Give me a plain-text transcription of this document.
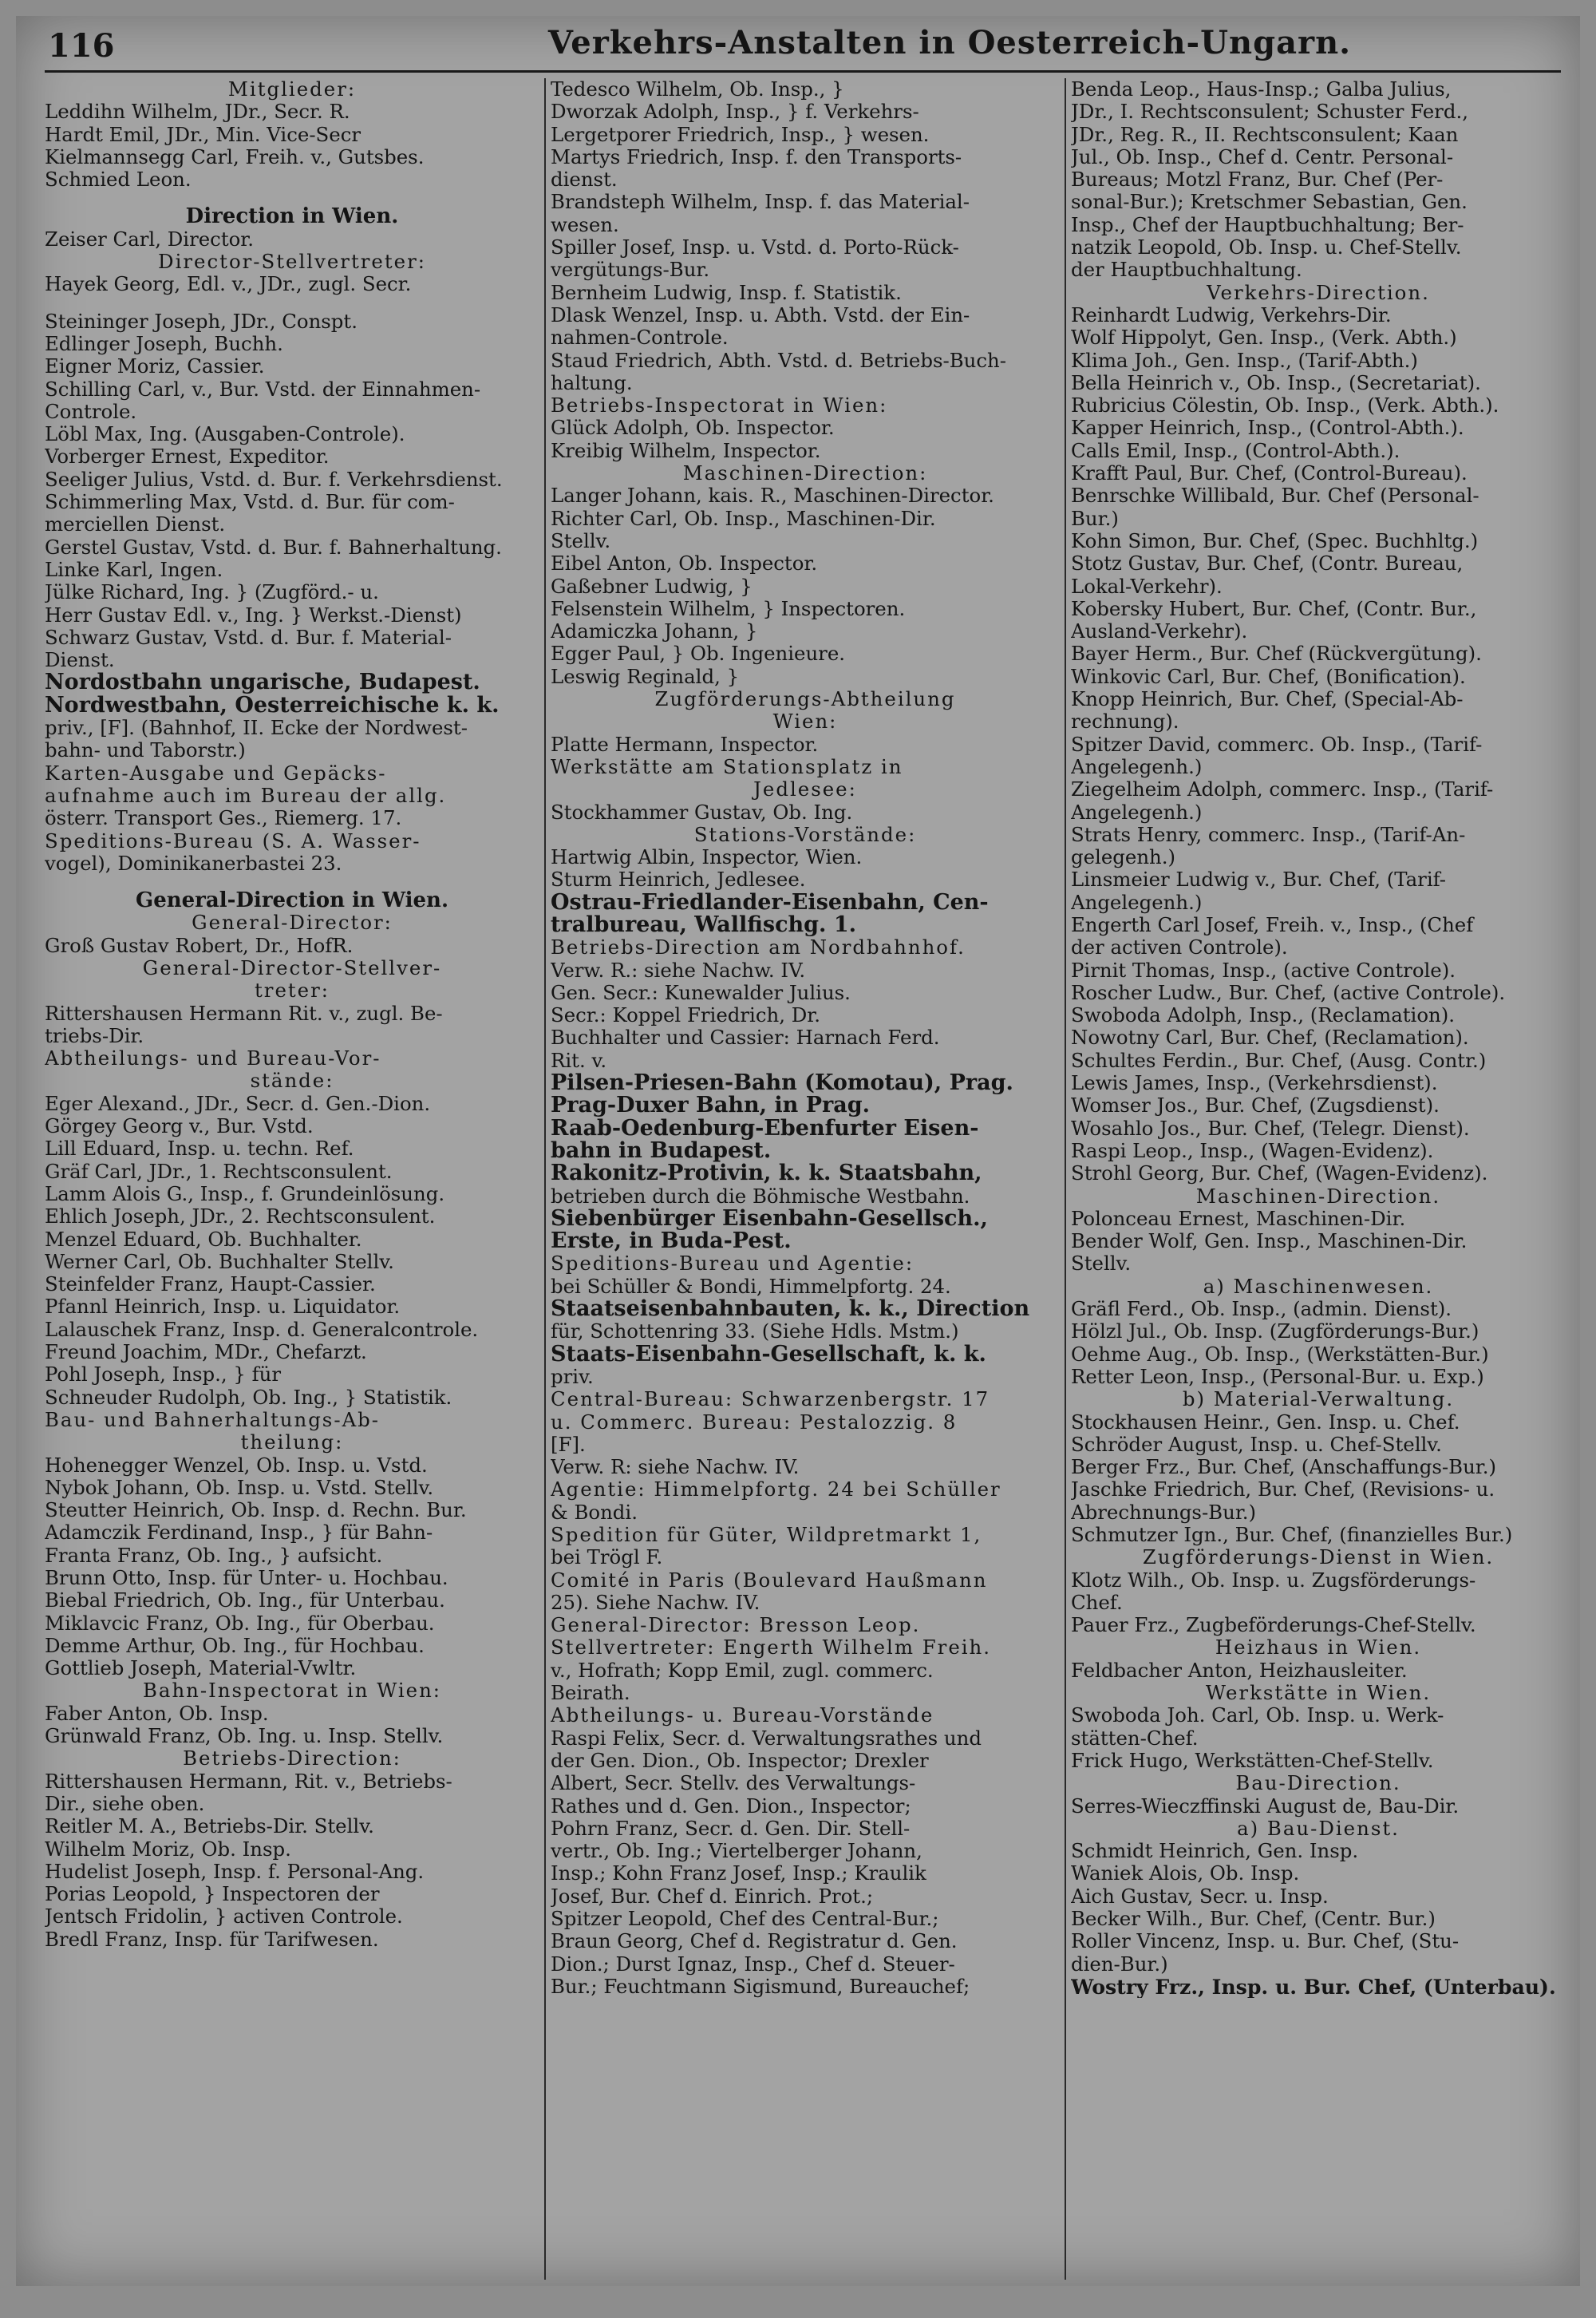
116	Verkehrs-Anstalten in Oesterreich-Ungarn.
Mitglieder:
Leddihn Wilhelm, JDr., Secr. R.
Hardt Emil, JDr., Min. Vice-Secr
Kielmannsegg Carl, Freih. v., Gutsbes.
Schmied Leon.
Direction in Wien.
Zeiser Carl, Director.
Director-Stellvertreter:
Hayek Georg, Edl. v., JDr., zugl. Secr.
Steininger Joseph, JDr., Conspt.
Edlinger Joseph, Buchh.
Eigner Moriz, Cassier.
Schilling Carl, v., Bur. Vstd. der Einnahmen-
Controle.
Löbl Max, Ing. (Ausgaben-Controle).
Vorberger Ernest, Expeditor.
Seeliger Julius, Vstd. d. Bur. f. Verkehrsdienst.
Schimmerling Max, Vstd. d. Bur. für com-
merciellen Dienst.
Gerstel Gustav, Vstd. d. Bur. f. Bahnerhaltung.
Linke Karl, Ingen.
Jülke Richard, Ing. } (Zugförd.- u.
Herr Gustav Edl. v., Ing. } Werkst.-Dienst)
Schwarz Gustav, Vstd. d. Bur. f. Material-
Dienst.
Nordostbahn ungarische, Budapest.
Nordwestbahn, Oesterreichische k. k.
priv., [F]. (Bahnhof, II. Ecke der Nordwest-
bahn- und Taborstr.)
Karten-Ausgabe und Gepäcks-
aufnahme auch im Bureau der allg.
österr. Transport Ges., Riemerg. 17.
Speditions-Bureau (S. A. Wasser-
vogel), Dominikanerbastei 23.
General-Direction in Wien.
General-Director:
Groß Gustav Robert, Dr., HofR.
General-Director-Stellver-
treter:
Rittershausen Hermann Rit. v., zugl. Be-
triebs-Dir.
Abtheilungs- und Bureau-Vor-
stände:
Eger Alexand., JDr., Secr. d. Gen.-Dion.
Görgey Georg v., Bur. Vstd.
Lill Eduard, Insp. u. techn. Ref.
Gräf Carl, JDr., 1. Rechtsconsulent.
Lamm Alois G., Insp., f. Grundeinlösung.
Ehlich Joseph, JDr., 2. Rechtsconsulent.
Menzel Eduard, Ob. Buchhalter.
Werner Carl, Ob. Buchhalter Stellv.
Steinfelder Franz, Haupt-Cassier.
Pfannl Heinrich, Insp. u. Liquidator.
Lalauschek Franz, Insp. d. Generalcontrole.
Freund Joachim, MDr., Chefarzt.
Pohl Joseph, Insp., } für
Schneuder Rudolph, Ob. Ing., } Statistik.
Bau- und Bahnerhaltungs-Ab-
theilung:
Hohenegger Wenzel, Ob. Insp. u. Vstd.
Nybok Johann, Ob. Insp. u. Vstd. Stellv.
Steutter Heinrich, Ob. Insp. d. Rechn. Bur.
Adamczik Ferdinand, Insp., } für Bahn-
Franta Franz, Ob. Ing., } aufsicht.
Brunn Otto, Insp. für Unter- u. Hochbau.
Biebal Friedrich, Ob. Ing., für Unterbau.
Miklavcic Franz, Ob. Ing., für Oberbau.
Demme Arthur, Ob. Ing., für Hochbau.
Gottlieb Joseph, Material-Vwltr.
Bahn-Inspectorat in Wien:
Faber Anton, Ob. Insp.
Grünwald Franz, Ob. Ing. u. Insp. Stellv.
Betriebs-Direction:
Rittershausen Hermann, Rit. v., Betriebs-
Dir., siehe oben.
Reitler M. A., Betriebs-Dir. Stellv.
Wilhelm Moriz, Ob. Insp.
Hudelist Joseph, Insp. f. Personal-Ang.
Porias Leopold, } Inspectoren der
Jentsch Fridolin, } activen Controle.
Bredl Franz, Insp. für Tarifwesen.
Tedesco Wilhelm, Ob. Insp., }
Dworzak Adolph, Insp., } f. Verkehrs-
Lergetporer Friedrich, Insp., } wesen.
Martys Friedrich, Insp. f. den Transports-
dienst.
Brandsteph Wilhelm, Insp. f. das Material-
wesen.
Spiller Josef, Insp. u. Vstd. d. Porto-Rück-
vergütungs-Bur.
Bernheim Ludwig, Insp. f. Statistik.
Dlask Wenzel, Insp. u. Abth. Vstd. der Ein-
nahmen-Controle.
Staud Friedrich, Abth. Vstd. d. Betriebs-Buch-
haltung.
Betriebs-Inspectorat in Wien:
Glück Adolph, Ob. Inspector.
Kreibig Wilhelm, Inspector.
Maschinen-Direction:
Langer Johann, kais. R., Maschinen-Director.
Richter Carl, Ob. Insp., Maschinen-Dir.
Stellv.
Eibel Anton, Ob. Inspector.
Gaßebner Ludwig, }
Felsenstein Wilhelm, } Inspectoren.
Adamiczka Johann, }
Egger Paul, } Ob. Ingenieure.
Leswig Reginald, }
Zugförderungs-Abtheilung
Wien:
Platte Hermann, Inspector.
Werkstätte am Stationsplatz in
Jedlesee:
Stockhammer Gustav, Ob. Ing.
Stations-Vorstände:
Hartwig Albin, Inspector, Wien.
Sturm Heinrich, Jedlesee.
Ostrau-Friedlander-Eisenbahn, Cen-
tralbureau, Wallfischg. 1.
Betriebs-Direction am Nordbahnhof.
Verw. R.: siehe Nachw. IV.
Gen. Secr.: Kunewalder Julius.
Secr.: Koppel Friedrich, Dr.
Buchhalter und Cassier: Harnach Ferd.
Rit. v.
Pilsen-Priesen-Bahn (Komotau), Prag.
Prag-Duxer Bahn, in Prag.
Raab-Oedenburg-Ebenfurter Eisen-
bahn in Budapest.
Rakonitz-Protivin, k. k. Staatsbahn,
betrieben durch die Böhmische Westbahn.
Siebenbürger Eisenbahn-Gesellsch.,
Erste, in Buda-Pest.
Speditions-Bureau und Agentie:
bei Schüller & Bondi, Himmelpfortg. 24.
Staatseisenbahnbauten, k. k., Direction
für, Schottenring 33. (Siehe Hdls. Mstm.)
Staats-Eisenbahn-Gesellschaft, k. k.
priv.
Central-Bureau: Schwarzenbergstr. 17
u. Commerc. Bureau: Pestalozzig. 8
[F].
Verw. R: siehe Nachw. IV.
Agentie: Himmelpfortg. 24 bei Schüller
& Bondi.
Spedition für Güter, Wildpretmarkt 1,
bei Trögl F.
Comité in Paris (Boulevard Haußmann
25). Siehe Nachw. IV.
General-Director: Bresson Leop.
Stellvertreter: Engerth Wilhelm Freih.
v., Hofrath; Kopp Emil, zugl. commerc.
Beirath.
Abtheilungs- u. Bureau-Vorstände
Raspi Felix, Secr. d. Verwaltungsrathes und
der Gen. Dion., Ob. Inspector; Drexler
Albert, Secr. Stellv. des Verwaltungs-
Rathes und d. Gen. Dion., Inspector;
Pohrn Franz, Secr. d. Gen. Dir. Stell-
vertr., Ob. Ing.; Viertelberger Johann,
Insp.; Kohn Franz Josef, Insp.; Kraulik
Josef, Bur. Chef d. Einrich. Prot.;
Spitzer Leopold, Chef des Central-Bur.;
Braun Georg, Chef d. Registratur d. Gen.
Dion.; Durst Ignaz, Insp., Chef d. Steuer-
Bur.; Feuchtmann Sigismund, Bureauchef;
Benda Leop., Haus-Insp.; Galba Julius,
JDr., I. Rechtsconsulent; Schuster Ferd.,
JDr., Reg. R., II. Rechtsconsulent; Kaan
Jul., Ob. Insp., Chef d. Centr. Personal-
Bureaus; Motzl Franz, Bur. Chef (Per-
sonal-Bur.); Kretschmer Sebastian, Gen.
Insp., Chef der Hauptbuchhaltung; Ber-
natzik Leopold, Ob. Insp. u. Chef-Stellv.
der Hauptbuchhaltung.
Verkehrs-Direction.
Reinhardt Ludwig, Verkehrs-Dir.
Wolf Hippolyt, Gen. Insp., (Verk. Abth.)
Klima Joh., Gen. Insp., (Tarif-Abth.)
Bella Heinrich v., Ob. Insp., (Secretariat).
Rubricius Cölestin, Ob. Insp., (Verk. Abth.).
Kapper Heinrich, Insp., (Control-Abth.).
Calls Emil, Insp., (Control-Abth.).
Krafft Paul, Bur. Chef, (Control-Bureau).
Benrschke Willibald, Bur. Chef (Personal-
Bur.)
Kohn Simon, Bur. Chef, (Spec. Buchhltg.)
Stotz Gustav, Bur. Chef, (Contr. Bureau,
Lokal-Verkehr).
Kobersky Hubert, Bur. Chef, (Contr. Bur.,
Ausland-Verkehr).
Bayer Herm., Bur. Chef (Rückvergütung).
Winkovic Carl, Bur. Chef, (Bonification).
Knopp Heinrich, Bur. Chef, (Special-Ab-
rechnung).
Spitzer David, commerc. Ob. Insp., (Tarif-
Angelegenh.)
Ziegelheim Adolph, commerc. Insp., (Tarif-
Angelegenh.)
Strats Henry, commerc. Insp., (Tarif-An-
gelegenh.)
Linsmeier Ludwig v., Bur. Chef, (Tarif-
Angelegenh.)
Engerth Carl Josef, Freih. v., Insp., (Chef
der activen Controle).
Pirnit Thomas, Insp., (active Controle).
Roscher Ludw., Bur. Chef, (active Controle).
Swoboda Adolph, Insp., (Reclamation).
Nowotny Carl, Bur. Chef, (Reclamation).
Schultes Ferdin., Bur. Chef, (Ausg. Contr.)
Lewis James, Insp., (Verkehrsdienst).
Womser Jos., Bur. Chef, (Zugsdienst).
Wosahlo Jos., Bur. Chef, (Telegr. Dienst).
Raspi Leop., Insp., (Wagen-Evidenz).
Strohl Georg, Bur. Chef, (Wagen-Evidenz).
Maschinen-Direction.
Polonceau Ernest, Maschinen-Dir.
Bender Wolf, Gen. Insp., Maschinen-Dir.
Stellv.
a) Maschinenwesen.
Gräfl Ferd., Ob. Insp., (admin. Dienst).
Hölzl Jul., Ob. Insp. (Zugförderungs-Bur.)
Oehme Aug., Ob. Insp., (Werkstätten-Bur.)
Retter Leon, Insp., (Personal-Bur. u. Exp.)
b) Material-Verwaltung.
Stockhausen Heinr., Gen. Insp. u. Chef.
Schröder August, Insp. u. Chef-Stellv.
Berger Frz., Bur. Chef, (Anschaffungs-Bur.)
Jaschke Friedrich, Bur. Chef, (Revisions- u.
Abrechnungs-Bur.)
Schmutzer Ign., Bur. Chef, (finanzielles Bur.)
Zugförderungs-Dienst in Wien.
Klotz Wilh., Ob. Insp. u. Zugsförderungs-
Chef.
Pauer Frz., Zugbeförderungs-Chef-Stellv.
Heizhaus in Wien.
Feldbacher Anton, Heizhausleiter.
Werkstätte in Wien.
Swoboda Joh. Carl, Ob. Insp. u. Werk-
stätten-Chef.
Frick Hugo, Werkstätten-Chef-Stellv.
Bau-Direction.
Serres-Wieczffinski August de, Bau-Dir.
a) Bau-Dienst.
Schmidt Heinrich, Gen. Insp.
Waniek Alois, Ob. Insp.
Aich Gustav, Secr. u. Insp.
Becker Wilh., Bur. Chef, (Centr. Bur.)
Roller Vincenz, Insp. u. Bur. Chef, (Stu-
dien-Bur.)
Wostry Frz., Insp. u. Bur. Chef, (Unterbau).
